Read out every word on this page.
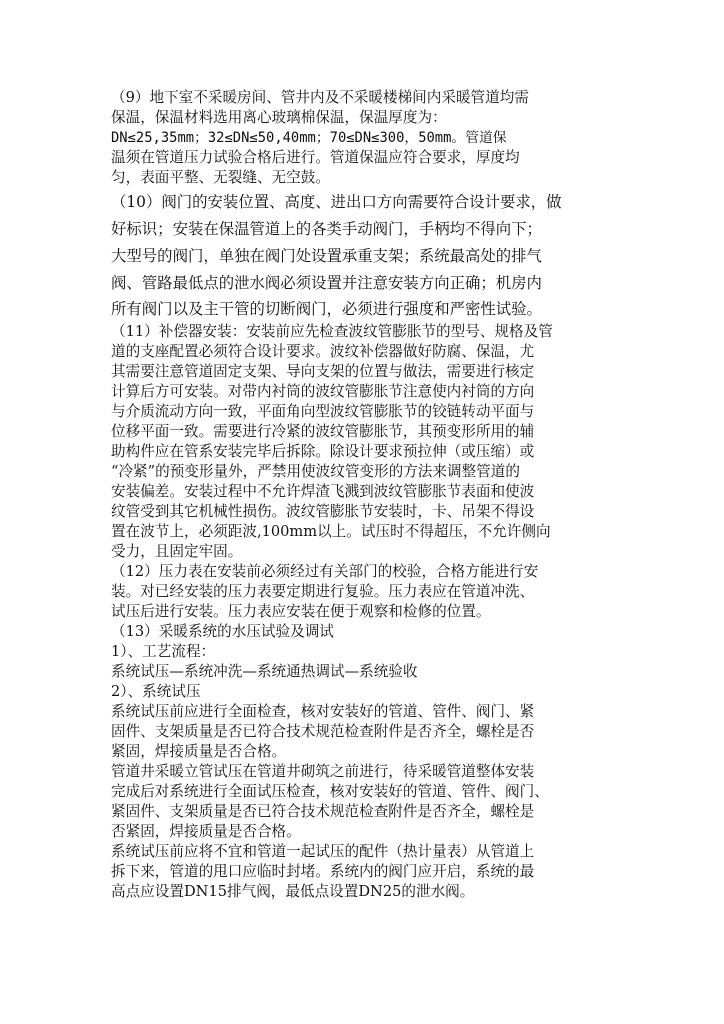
（9）地下室不采暖房间、管井内及不采暖楼梯间内采暖管道均需
保温，保温材料选用离心玻璃棉保温，保温厚度为：
DN≤25,35mm；32≤DN≤50,40mm；70≤DN≤300，50mm。管道保
温须在管道压力试验合格后进行。管道保温应符合要求，厚度均
匀，表面平整、无裂缝、无空鼓。
（10）阀门的安装位置、高度、进出口方向需要符合设计要求，做
好标识；安装在保温管道上的各类手动阀门，手柄均不得向下；
大型号的阀门，单独在阀门处设置承重支架；系统最高处的排气
阀、管路最低点的泄水阀必须设置并注意安装方向正确；机房内
所有阀门以及主干管的切断阀门，必须进行强度和严密性试验。
（11）补偿器安装：安装前应先检查波纹管膨胀节的型号、规格及管
道的支座配置必须符合设计要求。波纹补偿器做好防腐、保温，尤
其需要注意管道固定支架、导向支架的位置与做法，需要进行核定
计算后方可安装。对带内衬筒的波纹管膨胀节注意使内衬筒的方向
与介质流动方向一致，平面角向型波纹管膨胀节的铰链转动平面与
位移平面一致。需要进行冷紧的波纹管膨胀节，其预变形所用的辅
助构件应在管系安装完毕后拆除。除设计要求预拉伸（或压缩）或
“冷紧”的预变形量外，严禁用使波纹管变形的方法来调整管道的
安装偏差。安装过程中不允许焊渣飞溅到波纹管膨胀节表面和使波
纹管受到其它机械性损伤。波纹管膨胀节安装时，卡、吊架不得设
置在波节上，必须距波,100mm以上。试压时不得超压，不允许侧向
受力，且固定牢固。
（12）压力表在安装前必须经过有关部门的校验，合格方能进行安
装。对已经安装的压力表要定期进行复验。压力表应在管道冲洗、
试压后进行安装。压力表应安装在便于观察和检修的位置。
（13）采暖系统的水压试验及调试
1）、工艺流程：
系统试压—系统冲洗—系统通热调试—系统验收
2）、系统试压
系统试压前应进行全面检查，核对安装好的管道、管件、阀门、紧
固件、支架质量是否已符合技术规范检查附件是否齐全，螺栓是否
紧固，焊接质量是否合格。
管道井采暖立管试压在管道井砌筑之前进行，待采暖管道整体安装
完成后对系统进行全面试压检查，核对安装好的管道、管件、阀门、
紧固件、支架质量是否已符合技术规范检查附件是否齐全，螺栓是
否紧固，焊接质量是否合格。
系统试压前应将不宜和管道一起试压的配件（热计量表）从管道上
拆下来，管道的甩口应临时封堵。系统内的阀门应开启，系统的最
高点应设置DN15排气阀，最低点设置DN25的泄水阀。
